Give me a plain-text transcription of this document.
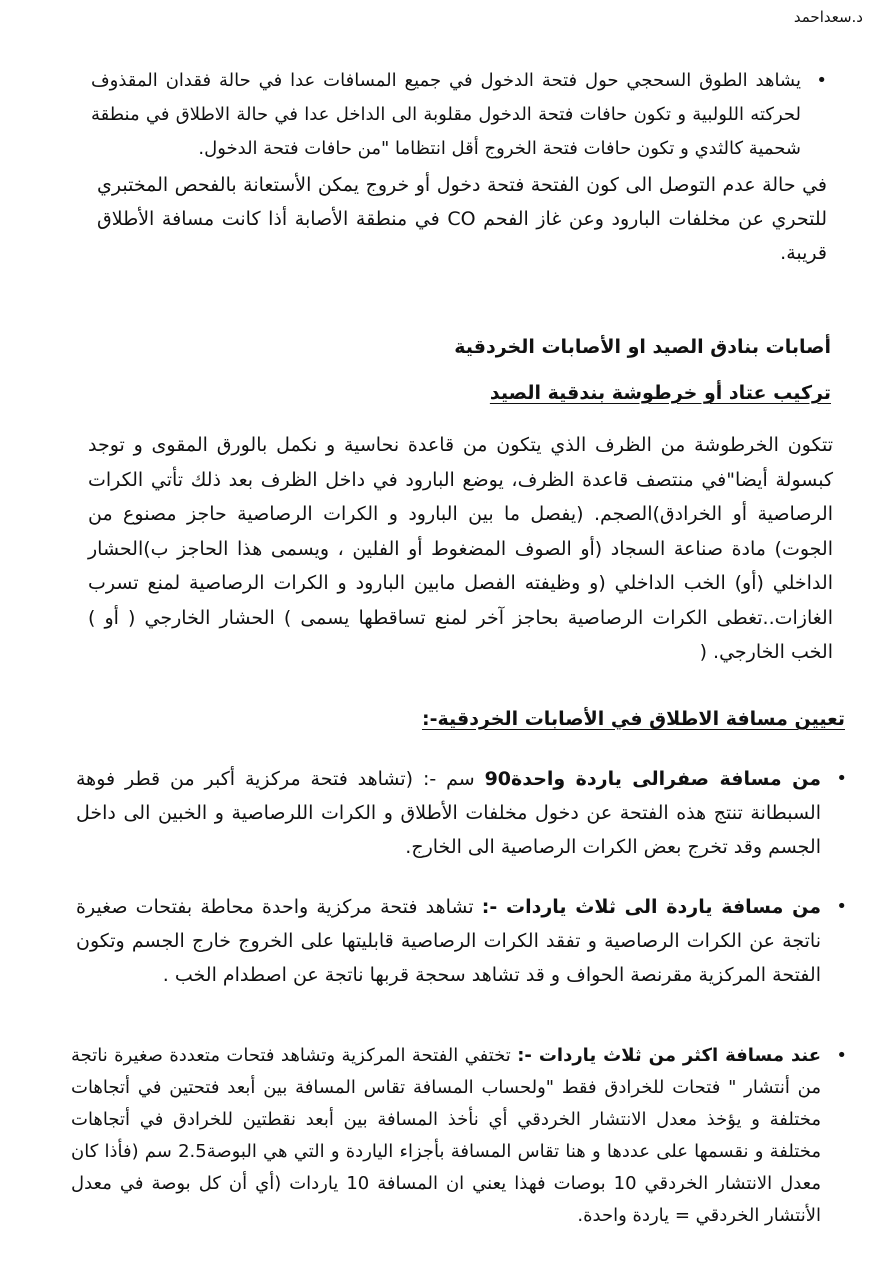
د.سعداحمد
•

يشاهد الطوق السحجي حول فتحة الدخول في جميع المسافات عدا في حالة فقدان المقذوف لحركته اللولبية و تكون حافات فتحة الدخول مقلوبة الى الداخل عدا في حالة الاطلاق في منطقة شحمية كالثدي و تكون حافات فتحة الخروج أقل انتظاما "من حافات فتحة الدخول.

في حالة عدم التوصل الى كون الفتحة فتحة دخول أو خروج يمكن الأستعانة بالفحص المختبري للتحري عن مخلفات البارود وعن غاز الفحم CO في منطقة الأصابة أذا كانت مسافة الأطلاق قريبة.

أصابات بنادق الصيد او الأصابات الخردقية
تركيب عتاد أو خرطوشة بندقية الصيد

تتكون الخرطوشة من الظرف الذي يتكون من قاعدة نحاسية و نكمل بالورق المقوى و توجد كبسولة أيضا"في منتصف قاعدة الظرف، يوضع البارود في داخل الظرف بعد ذلك تأتي الكرات الرصاصية أو الخرادق)الصجم. (يفصل ما بين البارود و الكرات الرصاصية حاجز مصنوع من الجوت) مادة صناعة السجاد (أو الصوف المضغوط أو الفلين ، ويسمى هذا الحاجز ب)الحشار الداخلي (أو) الخب الداخلي (و وظيفته الفصل مابين البارود و الكرات الرصاصية لمنع تسرب الغازات..تغطى الكرات الرصاصية بحاجز آخر لمنع تساقطها يسمى ) الحشار الخارجي ( أو ) الخب الخارجي. (

تعيين مسافة الاطلاق في الأصابات الخردقية-:
•

من مسافة صفرالى ياردة واحدة90 سم -: (تشاهد فتحة مركزية أكبر من قطر فوهة السبطانة تنتج هذه الفتحة عن دخول مخلفات الأطلاق و الكرات اللرصاصية و الخبين الى داخل الجسم وقد تخرج بعض الكرات الرصاصية الى الخارج.

•

من مسافة ياردة الى ثلاث ياردات -: تشاهد فتحة مركزية واحدة محاطة بفتحات صغيرة ناتجة عن الكرات الرصاصية و تفقد الكرات الرصاصية قابليتها على الخروج خارج الجسم وتكون الفتحة المركزية مقرنصة الحواف و قد تشاهد سحجة قربها ناتجة عن اصطدام الخب .

•

عند مسافة اكثر من ثلاث ياردات -: تختفي الفتحة المركزية وتشاهد فتحات متعددة صغيرة ناتجة من أنتشار " فتحات للخرادق فقط "ولحساب المسافة تقاس المسافة بين أبعد فتحتين في أتجاهات مختلفة و يؤخذ معدل الانتشار الخردقي أي نأخذ المسافة بين أبعد نقطتين للخرادق في أتجاهات مختلفة و نقسمها على عددها و هنا تقاس المسافة بأجزاء الياردة و التي هي البوصة2.5 سم (فأذا كان معدل الانتشار الخردقي 10 بوصات فهذا يعني ان المسافة 10 ياردات (أي أن كل بوصة في معدل الأنتشار الخردقي = ياردة واحدة.
